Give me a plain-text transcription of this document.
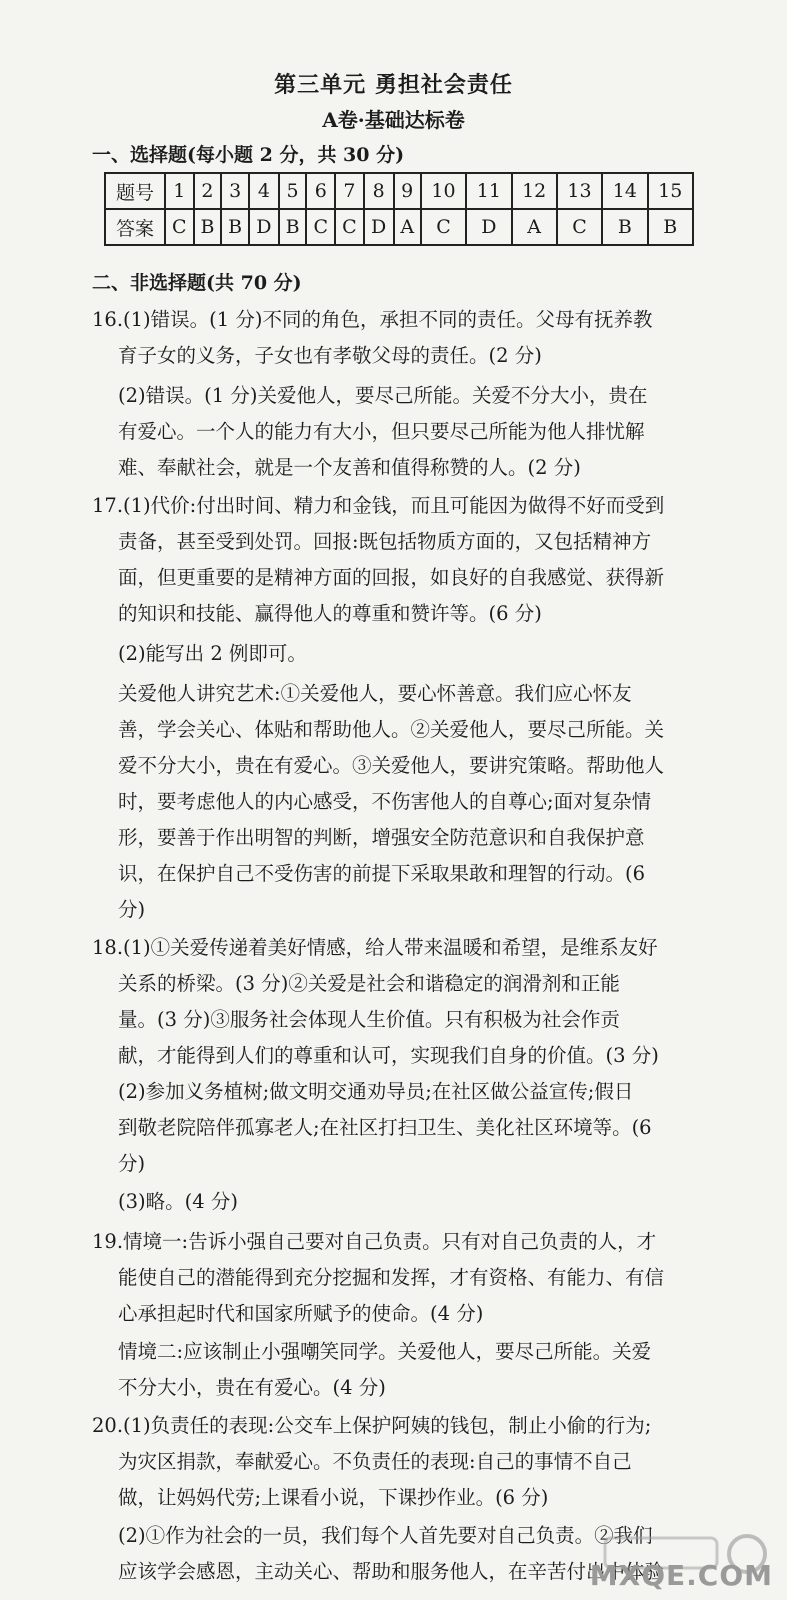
第三单元 勇担社会责任
A卷·基础达标卷
一、选择题(每小题 2 分，共 30 分)
题号	1	2	3	4	5	6	7	8	9	10	11	12	13	14	15
答案	C	B	B	D	B	C	C	D	A	C	D	A	C	B	B
二、非选择题(共 70 分)
16.(1)错误。(1 分)不同的角色，承担不同的责任。父母有抚养教
育子女的义务，子女也有孝敬父母的责任。(2 分)
(2)错误。(1 分)关爱他人，要尽己所能。关爱不分大小，贵在
有爱心。一个人的能力有大小，但只要尽己所能为他人排忧解
难、奉献社会，就是一个友善和值得称赞的人。(2 分)
17.(1)代价:付出时间、精力和金钱，而且可能因为做得不好而受到
责备，甚至受到处罚。回报:既包括物质方面的，又包括精神方
面，但更重要的是精神方面的回报，如良好的自我感觉、获得新
的知识和技能、赢得他人的尊重和赞许等。(6 分)
(2)能写出 2 例即可。
关爱他人讲究艺术:①关爱他人，要心怀善意。我们应心怀友
善，学会关心、体贴和帮助他人。②关爱他人，要尽己所能。关
爱不分大小，贵在有爱心。③关爱他人，要讲究策略。帮助他人
时，要考虑他人的内心感受，不伤害他人的自尊心;面对复杂情
形，要善于作出明智的判断，增强安全防范意识和自我保护意
识，在保护自己不受伤害的前提下采取果敢和理智的行动。(6
分)
18.(1)①关爱传递着美好情感，给人带来温暖和希望，是维系友好
关系的桥梁。(3 分)②关爱是社会和谐稳定的润滑剂和正能
量。(3 分)③服务社会体现人生价值。只有积极为社会作贡
献，才能得到人们的尊重和认可，实现我们自身的价值。(3 分)
(2)参加义务植树;做文明交通劝导员;在社区做公益宣传;假日
到敬老院陪伴孤寡老人;在社区打扫卫生、美化社区环境等。(6
分)
(3)略。(4 分)
19.情境一:告诉小强自己要对自己负责。只有对自己负责的人，才
能使自己的潜能得到充分挖掘和发挥，才有资格、有能力、有信
心承担起时代和国家所赋予的使命。(4 分)
情境二:应该制止小强嘲笑同学。关爱他人，要尽己所能。关爱
不分大小，贵在有爱心。(4 分)
20.(1)负责任的表现:公交车上保护阿姨的钱包，制止小偷的行为;
为灾区捐款，奉献爱心。不负责任的表现:自己的事情不自己
做，让妈妈代劳;上课看小说，下课抄作业。(6 分)
(2)①作为社会的一员，我们每个人首先要对自己负责。②我们
应该学会感恩，主动关心、帮助和服务他人，在辛苦付出中体验
MXQE.COM
